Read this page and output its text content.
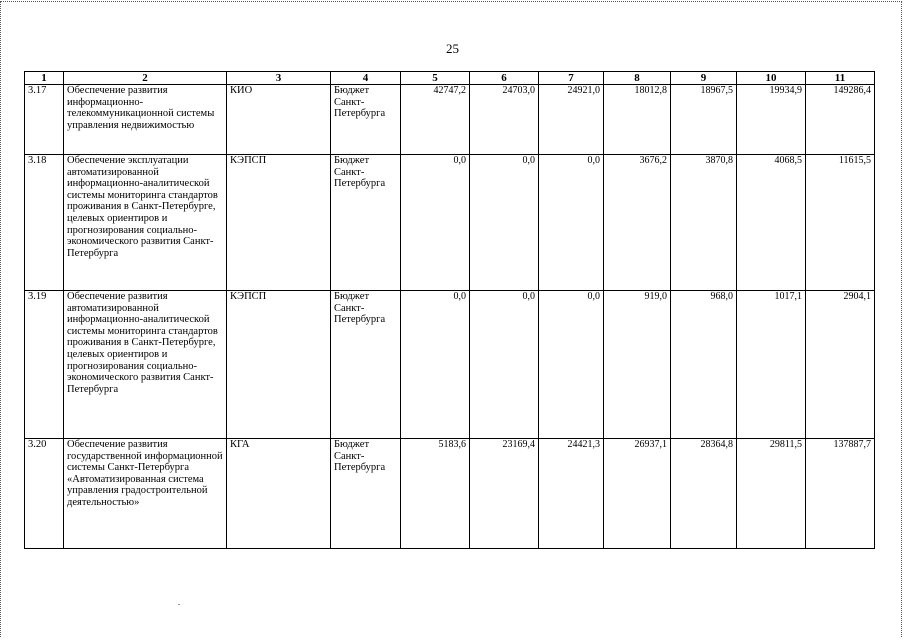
25
1	2	3	4	5	6	7	8	9	10	11
3.17	Обеспечение развития информационно-телекоммуникационной системы управления недвижимостью	КИО	Бюджет Санкт-Петербурга	42747,2	24703,0	24921,0	18012,8	18967,5	19934,9	149286,4
3.18	Обеспечение эксплуатации автоматизированной информационно-аналитической системы мониторинга стандартов проживания в Санкт-Петербурге, целевых ориентиров и прогнозирования социально-экономического развития Санкт-Петербурга	КЭПСП	Бюджет Санкт-Петербурга	0,0	0,0	0,0	3676,2	3870,8	4068,5	11615,5
3.19	Обеспечение развития автоматизированной информационно-аналитической системы мониторинга стандартов проживания в Санкт-Петербурге, целевых ориентиров и прогнозирования социально-экономического развития Санкт-Петербурга	КЭПСП	Бюджет Санкт-Петербурга	0,0	0,0	0,0	919,0	968,0	1017,1	2904,1
3.20	Обеспечение развития государственной информационной системы Санкт-Петербурга «Автоматизированная система управления градостроительной деятельностью»	КГА	Бюджет Санкт-Петербурга	5183,6	23169,4	24421,3	26937,1	28364,8	29811,5	137887,7
